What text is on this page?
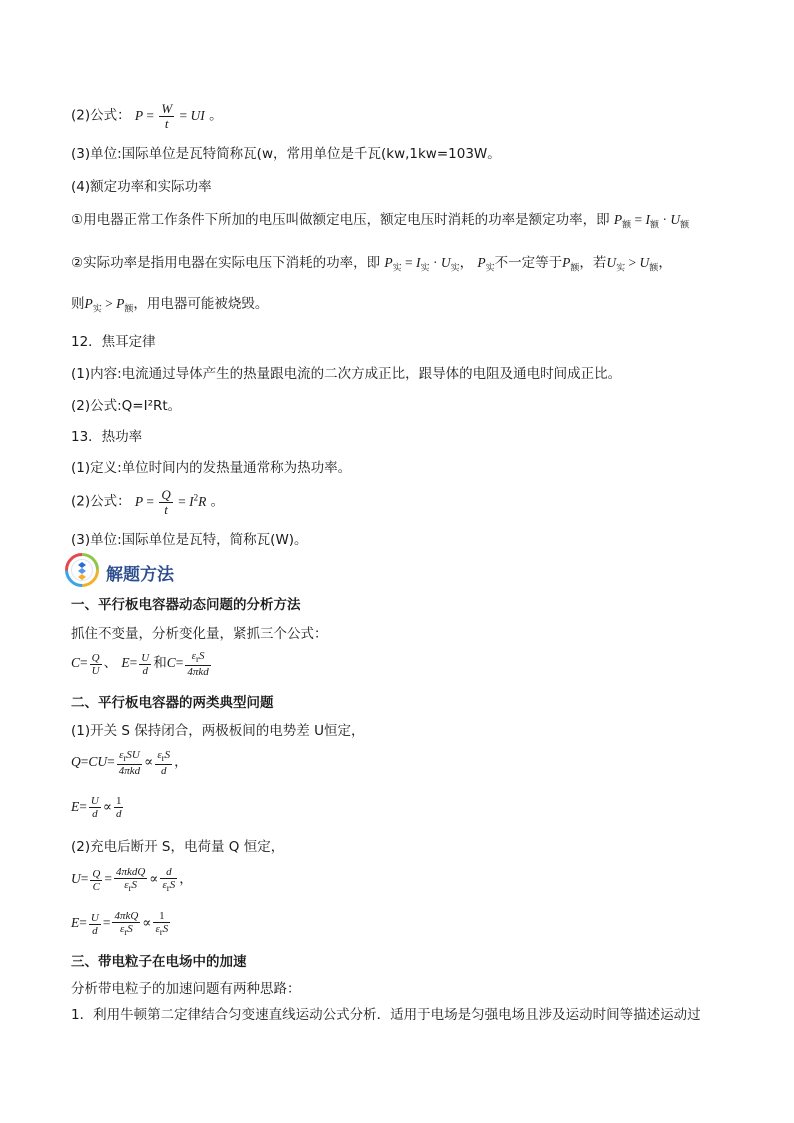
(2)公式： $P = \frac{W}{t}$ = UI 。
(3)单位:国际单位是瓦特简称瓦(w，常用单位是千瓦(kw,1kw=103W。
(4)额定功率和实际功率
①用电器正常工作条件下所加的电压叫做额定电压，额定电压时消耗的功率是额定功率，即 $P_额 = I_额 \cdot U_额$
②实际功率是指用电器在实际电压下消耗的功率，即 $P_实 = I_实 \cdot U_实$， $P_实$不一定等于$P_额$，若$U_实 > U_额$，
则$P_实 > P_额$，用电器可能被烧毁。
12．焦耳定律
(1)内容:电流通过导体产生的热量跟电流的二次方成正比，跟导体的电阻及通电时间成正比。
(2)公式:Q=I²Rt。
13．热功率
(1)定义:单位时间内的发热量通常称为热功率。
(2)公式： $P = \frac{Q}{t} = I^2R$ 。
(3)单位:国际单位是瓦特，简称瓦(W)。
解题方法
一、平行板电容器动态问题的分析方法
抓住不变量，分析变化量，紧抓三个公式：
$C= \frac{Q}{U}$ 、 $E= \frac{U}{d}$ 和$C= \frac{\varepsilon_rS}{\text{4πkd}}$
二、平行板电容器的两类典型问题
(1)开关 S 保持闭合，两极板间的电势差 U恒定，
$Q=CU= \frac{\varepsilon_rSU}{\text{4πkd}} \propto \frac{\varepsilon_rS}{d}$ ，
$E= \frac{U}{d} \propto \frac{1}{d}$
(2)充电后断开 S，电荷量 Q 恒定，
$U= \frac{Q}{C} = \frac{\text{4πkdQ}}{\varepsilon_rS} \propto \frac{d}{\varepsilon_rS}$ ，
$E= \frac{U}{d} = \frac{\text{4πkQ}}{\varepsilon_rS} \propto \frac{1}{\varepsilon_rS}$
三、带电粒子在电场中的加速
分析带电粒子的加速问题有两种思路：
1．利用牛顿第二定律结合匀变速直线运动公式分析．适用于电场是匀强电场且涉及运动时间等描述运动过
